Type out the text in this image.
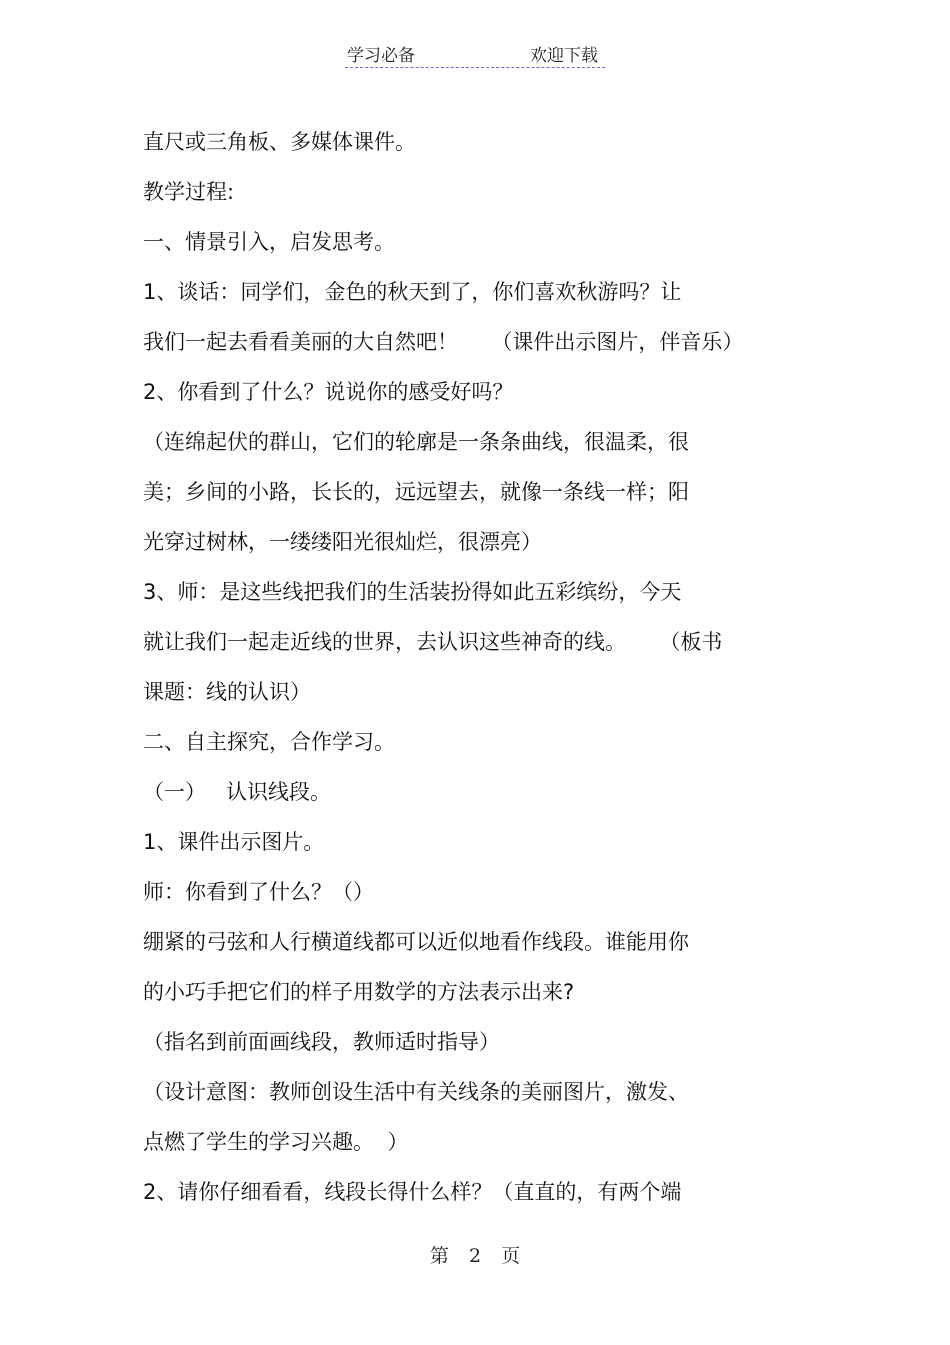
学习必备	欢迎下载
直尺或三角板、多媒体课件。
教学过程:
一、情景引入，启发思考。
1、谈话：同学们，金色的秋天到了，你们喜欢秋游吗？让
我们一起去看看美丽的大自然吧！     （课件出示图片，伴音乐）
2、你看到了什么？说说你的感受好吗？
（连绵起伏的群山，它们的轮廓是一条条曲线，很温柔，很
美；乡间的小路，长长的，远远望去，就像一条线一样；阳
光穿过树林，一缕缕阳光很灿烂，很漂亮）
3、师：是这些线把我们的生活装扮得如此五彩缤纷，今天
就让我们一起走近线的世界，去认识这些神奇的线。     （板书
课题：线的认识）
二、自主探究，合作学习。
（一）   认识线段。
1、课件出示图片。
师：你看到了什么？（）
绷紧的弓弦和人行横道线都可以近似地看作线段。谁能用你
的小巧手把它们的样子用数学的方法表示出来?
（指名到前面画线段，教师适时指导）
（设计意图：教师创设生活中有关线条的美丽图片，激发、
点燃了学生的学习兴趣。  ）
2、请你仔细看看，线段长得什么样？（直直的，有两个端
第 2 页
